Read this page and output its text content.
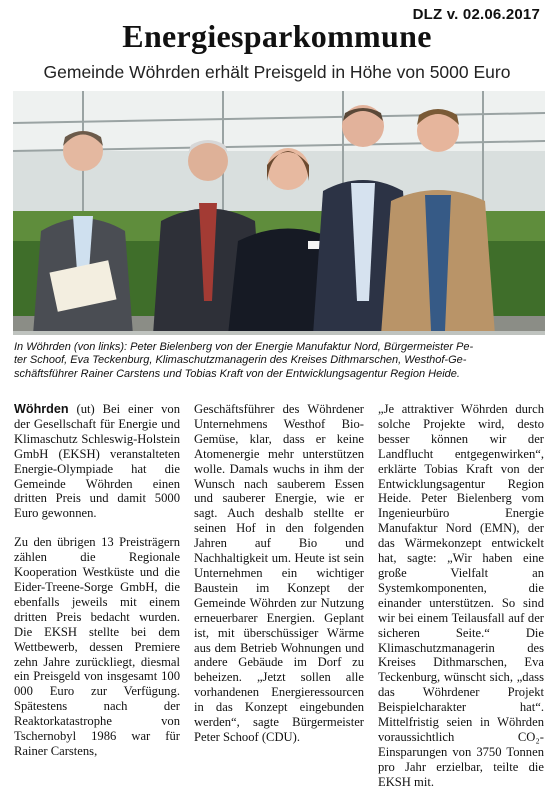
DLZ v. 02.06.2017
Energiesparkommune
Gemeinde Wöhrden erhält Preisgeld in Höhe von 5000 Euro
In Wöhrden (von links): Peter Bielenberg von der Energie Manufaktur Nord, Bürgermeister Pe-
ter Schoof, Eva Teckenburg, Klimaschutzmanagerin des Kreises Dithmarschen, Westhof-Ge-
schäftsführer Rainer Carstens und Tobias Kraft von der Entwicklungsagentur Region Heide.

Wöhrden (ut) Bei einer von der Gesellschaft für Energie und Klimaschutz Schleswig-Holstein GmbH (EKSH) veranstalteten Energie-Olympiade hat die Gemeinde Wöhrden einen dritten Preis und damit 5000 Euro gewonnen.

Zu den übrigen 13 Preisträgern zählen die Regionale Kooperation Westküste und die Eider-Treene-Sorge GmbH, die ebenfalls jeweils mit einem dritten Preis bedacht wurden. Die EKSH stellte bei dem Wettbewerb, dessen Premiere zehn Jahre zurückliegt, diesmal ein Preisgeld von insgesamt 100 000 Euro zur Verfügung. Spätestens nach der Reaktorkatastrophe von Tschernobyl 1986 war für Rainer Carstens,

Geschäftsführer des Wöhrdener Unternehmens Westhof Bio-Gemüse, klar, dass er keine Atomenergie mehr unterstützen wolle. Damals wuchs in ihm der Wunsch nach sauberem Essen und sauberer Energie, wie er sagt. Auch deshalb stellte er seinen Hof in den folgenden Jahren auf Bio und Nachhaltigkeit um. Heute ist sein Unternehmen ein wichtiger Baustein im Konzept der Gemeinde Wöhrden zur Nutzung erneuerbarer Energien. Geplant ist, mit überschüssiger Wärme aus dem Betrieb Wohnungen und andere Gebäude im Dorf zu beheizen. „Jetzt sollen alle vorhandenen Energieressourcen in das Konzept eingebunden werden“, sagte Bürgermeister Peter Schoof (CDU).

„Je attraktiver Wöhrden durch solche Projekte wird, desto besser können wir der Landflucht entgegenwirken“, erklärte Tobias Kraft von der Entwicklungsagentur Region Heide. Peter Bielenberg vom Ingenieurbüro Energie Manufaktur Nord (EMN), der das Wärmekonzept entwickelt hat, sagte: „Wir haben eine große Vielfalt an Systemkomponenten, die einander unterstützen. So sind wir bei einem Teilausfall auf der sicheren Seite.“ Die Klimaschutzmanagerin des Kreises Dithmarschen, Eva Teckenburg, wünscht sich, „dass das Wöhrdener Projekt Beispielcharakter hat“. Mittelfristig seien in Wöhrden voraussichtlich CO₂-Einsparungen von 3750 Tonnen pro Jahr erzielbar, teilte die EKSH mit.
